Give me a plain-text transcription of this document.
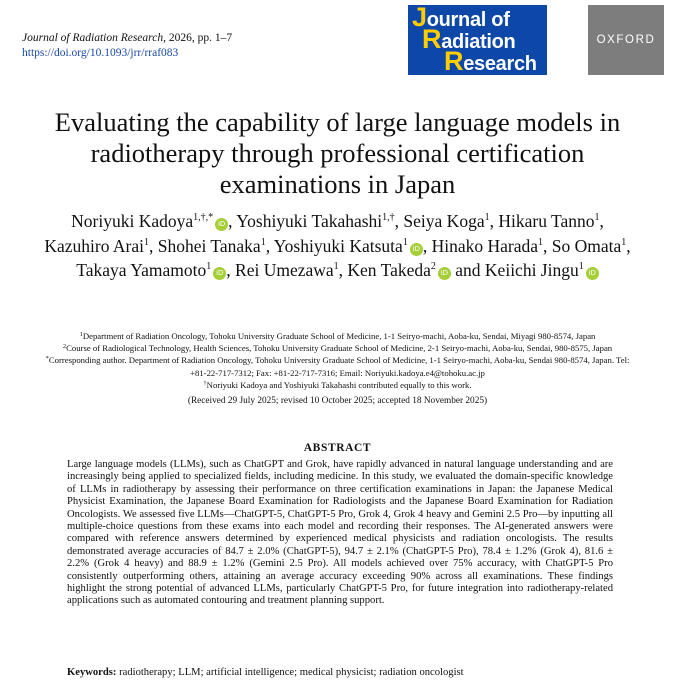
Journal of Radiation Research, 2026, pp. 1–7
https://doi.org/10.1093/jrr/rraf083
Journal of
Radiation
Research
OXFORD
Evaluating the capability of large language models in radiotherapy through professional certification examinations in Japan
Noriyuki Kadoya$^{1,\dagger,*}$iD , Yoshiyuki Takahashi$^{1,\dagger}$, Seiya Koga$^1$, Hikaru Tanno$^1$, Kazuhiro Arai$^1$, Shohei Tanaka$^1$, Yoshiyuki Katsuta$^1$iD , Hinako Harada$^1$, So Omata$^1$, Takaya Yamamoto$^1$iD , Rei Umezawa$^1$, Ken Takeda$^2$iD and Keiichi Jingu$^1$iD
$^1$Department of Radiation Oncology, Tohoku University Graduate School of Medicine, 1-1 Seiryo-machi, Aoba-ku, Sendai, Miyagi 980-8574, Japan
$^2$Course of Radiological Technology, Health Sciences, Tohoku University Graduate School of Medicine, 2-1 Seiryo-machi, Aoba-ku, Sendai, 980-8575, Japan
*Corresponding author. Department of Radiation Oncology, Tohoku University Graduate School of Medicine, 1-1 Seiryo-machi, Aoba-ku, Sendai 980-8574, Japan. Tel: +81-22-717-7312; Fax: +81-22-717-7316; Email: Noriyuki.kadoya.e4@tohoku.ac.jp
†Noriyuki Kadoya and Yoshiyuki Takahashi contributed equally to this work.
(Received 29 July 2025; revised 10 October 2025; accepted 18 November 2025)
ABSTRACT

Large language models (LLMs), such as ChatGPT and Grok, have rapidly advanced in natural language understanding and are increasingly being applied to specialized fields, including medicine. In this study, we evaluated the domain-specific knowledge of LLMs in radiotherapy by assessing their performance on three certification examinations in Japan: the Japanese Medical Physicist Examination, the Japanese Board Examination for Radiologists and the Japanese Board Examination for Radiation Oncologists. We assessed five LLMs—ChatGPT-5, ChatGPT-5 Pro, Grok 4, Grok 4 heavy and Gemini 2.5 Pro—by inputting all multiple-choice questions from these exams into each model and recording their responses. The AI-generated answers were compared with reference answers determined by experienced medical physicists and radiation oncologists. The results demonstrated average accuracies of 84.7 ± 2.0% (ChatGPT-5), 94.7 ± 2.1% (ChatGPT-5 Pro), 78.4 ± 1.2% (Grok 4), 81.6 ± 2.2% (Grok 4 heavy) and 88.9 ± 1.2% (Gemini 2.5 Pro). All models achieved over 75% accuracy, with ChatGPT-5 Pro consistently outperforming others, attaining an average accuracy exceeding 90% across all examinations. These findings highlight the strong potential of advanced LLMs, particularly ChatGPT-5 Pro, for future integration into radiotherapy-related applications such as automated contouring and treatment planning support.

Keywords: radiotherapy; LLM; artificial intelligence; medical physicist; radiation oncologist
